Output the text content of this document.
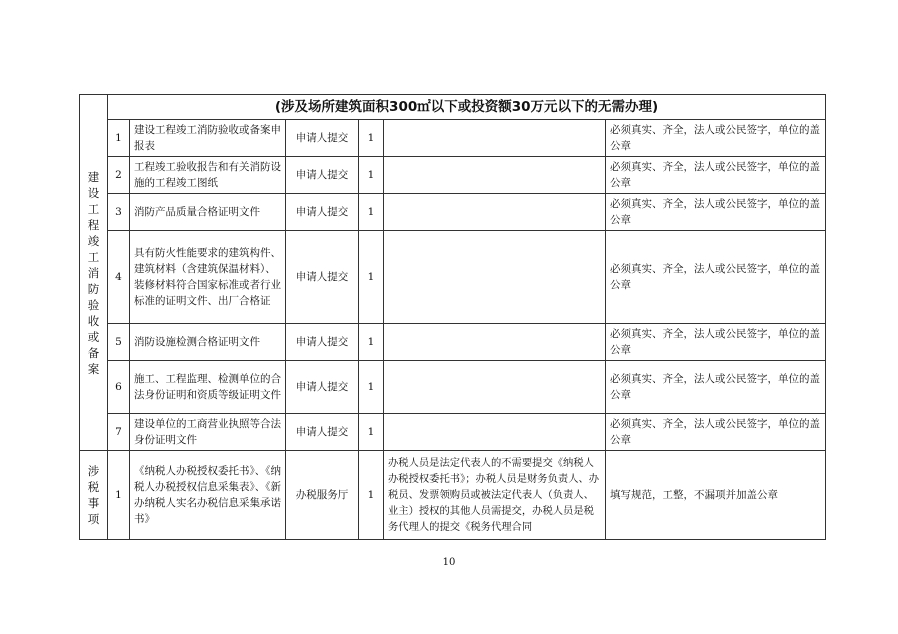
建设工程竣工消防验收或备案	(涉及场所建筑面积300㎡以下或投资额30万元以下的无需办理)					
	1	建设工程竣工消防验收或备案申报表	申请人提交	1		必须真实、齐全，法人或公民签字，单位的盖公章
	2	工程竣工验收报告和有关消防设施的工程竣工图纸	申请人提交	1		必须真实、齐全，法人或公民签字，单位的盖公章
	3	消防产品质量合格证明文件	申请人提交	1		必须真实、齐全，法人或公民签字，单位的盖公章
	4	具有防火性能要求的建筑构件、建筑材料（含建筑保温材料）、装修材料符合国家标准或者行业标准的证明文件、出厂合格证	申请人提交	1		必须真实、齐全，法人或公民签字，单位的盖公章
	5	消防设施检测合格证明文件	申请人提交	1		必须真实、齐全，法人或公民签字，单位的盖公章
	6	施工、工程监理、检测单位的合法身份证明和资质等级证明文件	申请人提交	1		必须真实、齐全，法人或公民签字，单位的盖公章
	7	建设单位的工商营业执照等合法身份证明文件	申请人提交	1		必须真实、齐全，法人或公民签字，单位的盖公章
涉税事项	1	《纳税人办税授权委托书》、《纳税人办税授权信息采集表》、《新办纳税人实名办税信息采集承诺书》	办税服务厅	1	办税人员是法定代表人的不需要提交《纳税人办税授权委托书》；办税人员是财务负责人、办税员、发票领购员或被法定代表人（负责人、业主）授权的其他人员需提交，办税人员是税务代理人的提交《税务代理合同	填写规范，工整，不漏项并加盖公章
10
